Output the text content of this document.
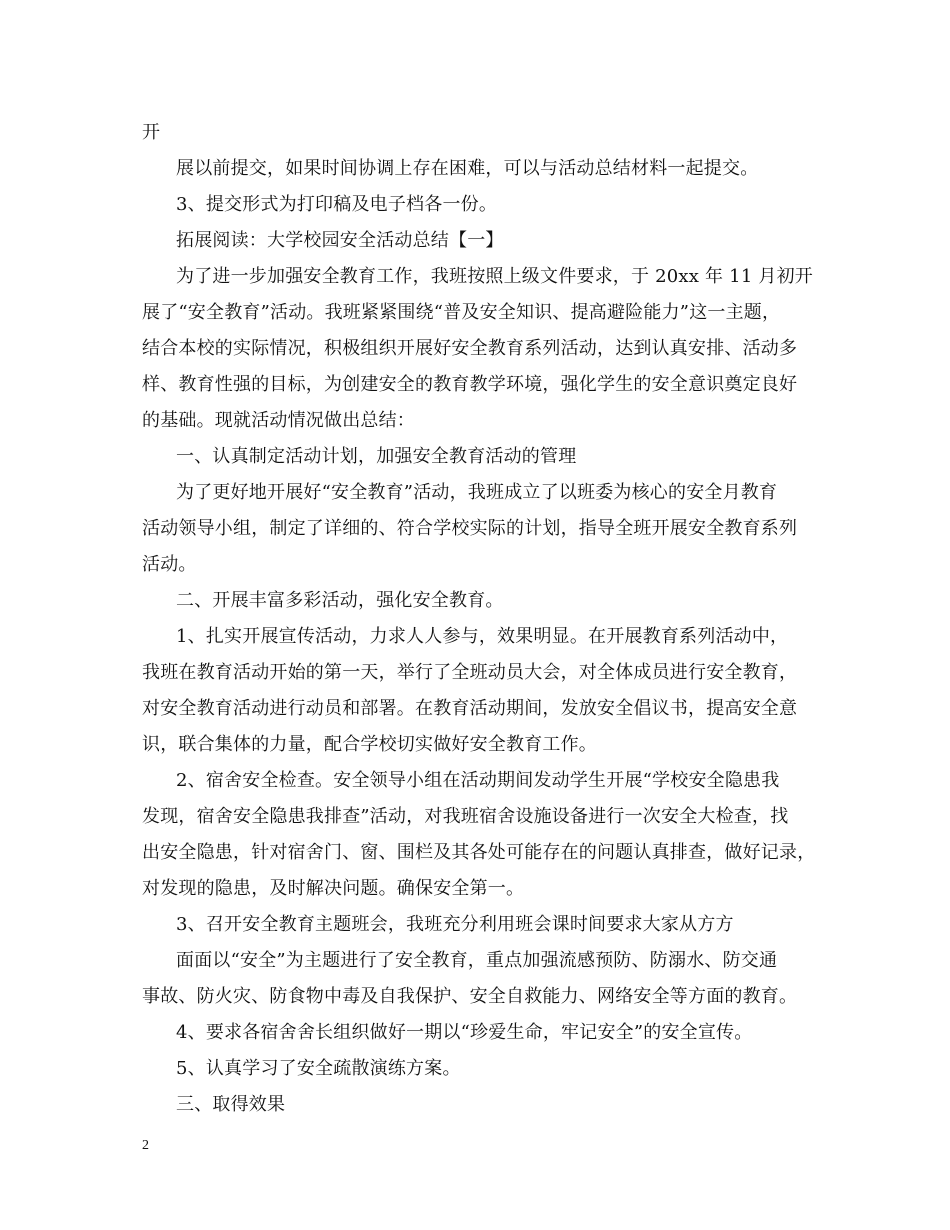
开
展以前提交，如果时间协调上存在困难，可以与活动总结材料一起提交。
3、提交形式为打印稿及电子档各一份。
拓展阅读：大学校园安全活动总结【一】
为了进一步加强安全教育工作，我班按照上级文件要求，于 20xx 年 11 月初开
展了“安全教育”活动。我班紧紧围绕“普及安全知识、提高避险能力”这一主题，
结合本校的实际情况，积极组织开展好安全教育系列活动，达到认真安排、活动多
样、教育性强的目标，为创建安全的教育教学环境，强化学生的安全意识奠定良好
的基础。现就活动情况做出总结：
一、认真制定活动计划，加强安全教育活动的管理
为了更好地开展好“安全教育”活动，我班成立了以班委为核心的安全月教育
活动领导小组，制定了详细的、符合学校实际的计划，指导全班开展安全教育系列
活动。
二、开展丰富多彩活动，强化安全教育。
1、扎实开展宣传活动，力求人人参与，效果明显。在开展教育系列活动中，
我班在教育活动开始的第一天，举行了全班动员大会，对全体成员进行安全教育，
对安全教育活动进行动员和部署。在教育活动期间，发放安全倡议书，提高安全意
识，联合集体的力量，配合学校切实做好安全教育工作。
2、宿舍安全检查。安全领导小组在活动期间发动学生开展“学校安全隐患我
发现，宿舍安全隐患我排查”活动，对我班宿舍设施设备进行一次安全大检查，找
出安全隐患，针对宿舍门、窗、围栏及其各处可能存在的问题认真排查，做好记录，
对发现的隐患，及时解决问题。确保安全第一。
3、召开安全教育主题班会，我班充分利用班会课时间要求大家从方方
面面以“安全”为主题进行了安全教育，重点加强流感预防、防溺水、防交通
事故、防火灾、防食物中毒及自我保护、安全自救能力、网络安全等方面的教育。
4、要求各宿舍舍长组织做好一期以“珍爱生命，牢记安全”的安全宣传。
5、认真学习了安全疏散演练方案。
三、取得效果
2
